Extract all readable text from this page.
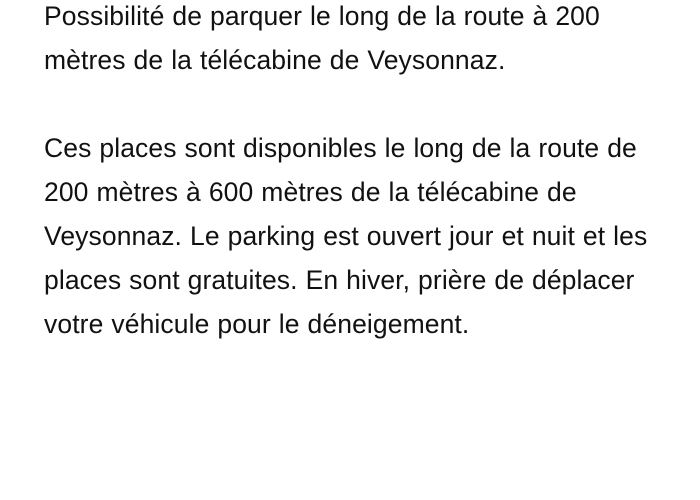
Possibilité de parquer le long de la route à 200 mètres de la télécabine de Veysonnaz.

Ces places sont disponibles le long de la route de 200 mètres à 600 mètres de la télécabine de Veysonnaz. Le parking est ouvert jour et nuit et les places sont gratuites. En hiver, prière de déplacer votre véhicule pour le déneigement.
